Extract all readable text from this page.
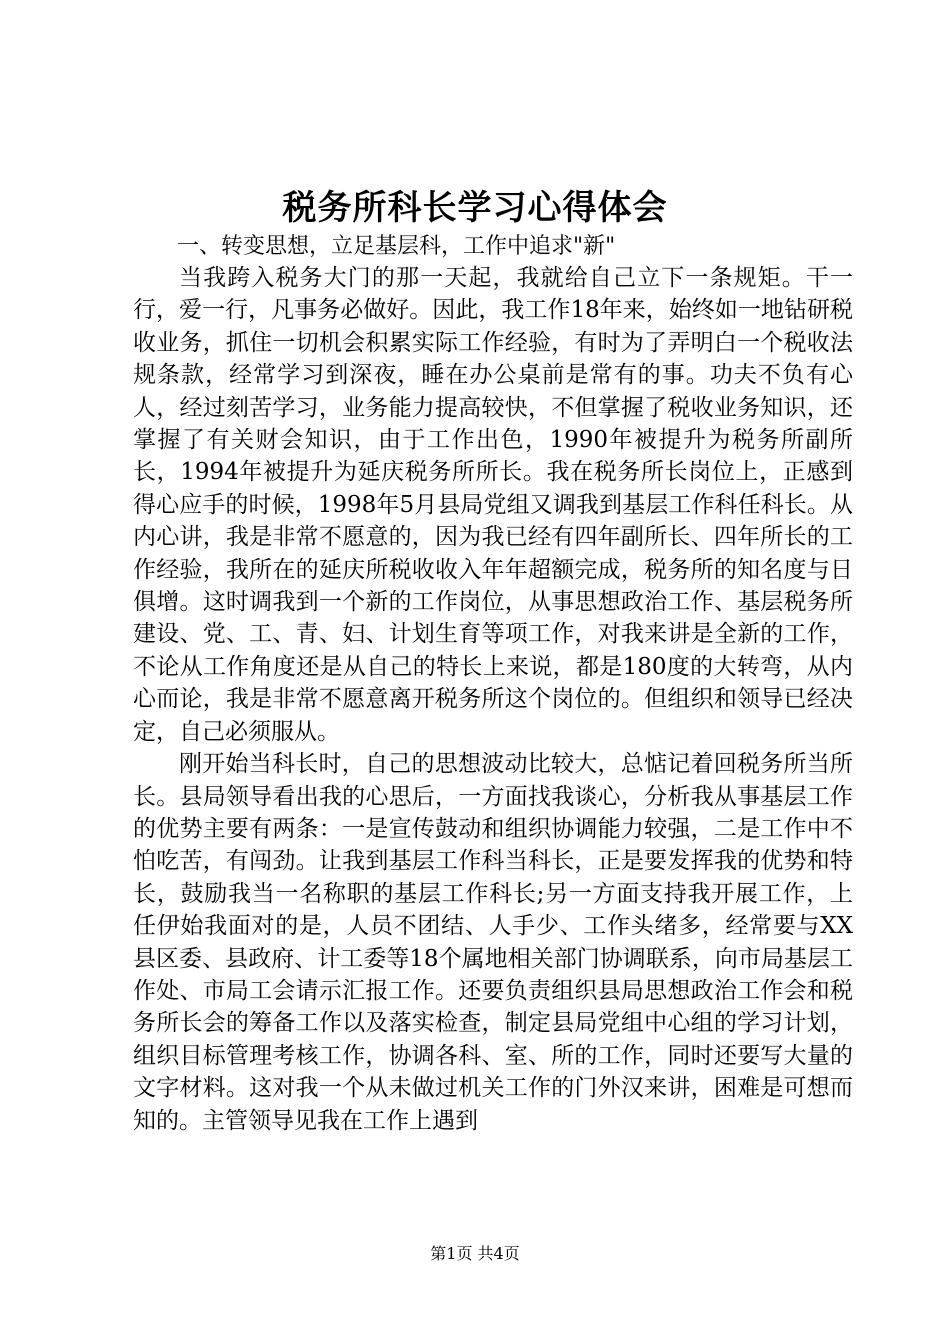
税务所科长学习心得体会

一、转变思想，立足基层科，工作中追求"新"

当我跨入税务大门的那一天起，我就给自己立下一条规矩。干一行，爱一行，凡事务必做好。因此，我工作18年来，始终如一地钻研税收业务，抓住一切机会积累实际工作经验，有时为了弄明白一个税收法规条款，经常学习到深夜，睡在办公桌前是常有的事。功夫不负有心人，经过刻苦学习，业务能力提高较快，不但掌握了税收业务知识，还掌握了有关财会知识，由于工作出色，1990年被提升为税务所副所长，1994年被提升为延庆税务所所长。我在税务所长岗位上，正感到得心应手的时候，1998年5月县局党组又调我到基层工作科任科长。从内心讲，我是非常不愿意的，因为我已经有四年副所长、四年所长的工作经验，我所在的延庆所税收收入年年超额完成，税务所的知名度与日俱增。这时调我到一个新的工作岗位，从事思想政治工作、基层税务所建设、党、工、青、妇、计划生育等项工作，对我来讲是全新的工作，不论从工作角度还是从自己的特长上来说，都是180度的大转弯，从内心而论，我是非常不愿意离开税务所这个岗位的。但组织和领导已经决定，自己必须服从。

刚开始当科长时，自己的思想波动比较大，总惦记着回税务所当所长。县局领导看出我的心思后，一方面找我谈心，分析我从事基层工作的优势主要有两条：一是宣传鼓动和组织协调能力较强，二是工作中不怕吃苦，有闯劲。让我到基层工作科当科长，正是要发挥我的优势和特长，鼓励我当一名称职的基层工作科长;另一方面支持我开展工作，上任伊始我面对的是，人员不团结、人手少、工作头绪多，经常要与XX县区委、县政府、计工委等18个属地相关部门协调联系，向市局基层工作处、市局工会请示汇报工作。还要负责组织县局思想政治工作会和税务所长会的筹备工作以及落实检查，制定县局党组中心组的学习计划，组织目标管理考核工作，协调各科、室、所的工作，同时还要写大量的文字材料。这对我一个从未做过机关工作的门外汉来讲，困难是可想而知的。主管领导见我在工作上遇到

第1页 共4页
